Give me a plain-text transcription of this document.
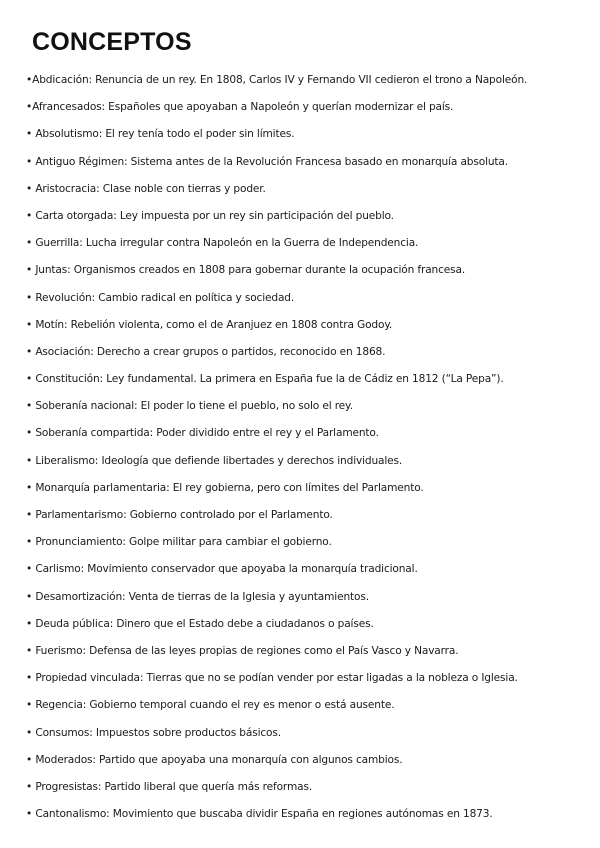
CONCEPTOS
•Abdicación: Renuncia de un rey. En 1808, Carlos IV y Fernando VII cedieron el trono a Napoleón.
•Afrancesados: Españoles que apoyaban a Napoleón y querían modernizar el país.
• Absolutismo: El rey tenía todo el poder sin límites.
• Antiguo Régimen: Sistema antes de la Revolución Francesa basado en monarquía absoluta.
• Aristocracia: Clase noble con tierras y poder.
• Carta otorgada: Ley impuesta por un rey sin participación del pueblo.
• Guerrilla: Lucha irregular contra Napoleón en la Guerra de Independencia.
• Juntas: Organismos creados en 1808 para gobernar durante la ocupación francesa.
• Revolución: Cambio radical en política y sociedad.
• Motín: Rebelión violenta, como el de Aranjuez en 1808 contra Godoy.
• Asociación: Derecho a crear grupos o partidos, reconocido en 1868.
• Constitución: Ley fundamental. La primera en España fue la de Cádiz en 1812 (“La Pepa”).
• Soberanía nacional: El poder lo tiene el pueblo, no solo el rey.
• Soberanía compartida: Poder dividido entre el rey y el Parlamento.
• Liberalismo: Ideología que defiende libertades y derechos individuales.
• Monarquía parlamentaria: El rey gobierna, pero con límites del Parlamento.
• Parlamentarismo: Gobierno controlado por el Parlamento.
• Pronunciamiento: Golpe militar para cambiar el gobierno.
• Carlismo: Movimiento conservador que apoyaba la monarquía tradicional.
• Desamortización: Venta de tierras de la Iglesia y ayuntamientos.
• Deuda pública: Dinero que el Estado debe a ciudadanos o países.
• Fuerismo: Defensa de las leyes propias de regiones como el País Vasco y Navarra.
• Propiedad vinculada: Tierras que no se podían vender por estar ligadas a la nobleza o Iglesia.
• Regencia: Gobierno temporal cuando el rey es menor o está ausente.
• Consumos: Impuestos sobre productos básicos.
• Moderados: Partido que apoyaba una monarquía con algunos cambios.
• Progresistas: Partido liberal que quería más reformas.
• Cantonalismo: Movimiento que buscaba dividir España en regiones autónomas en 1873.
